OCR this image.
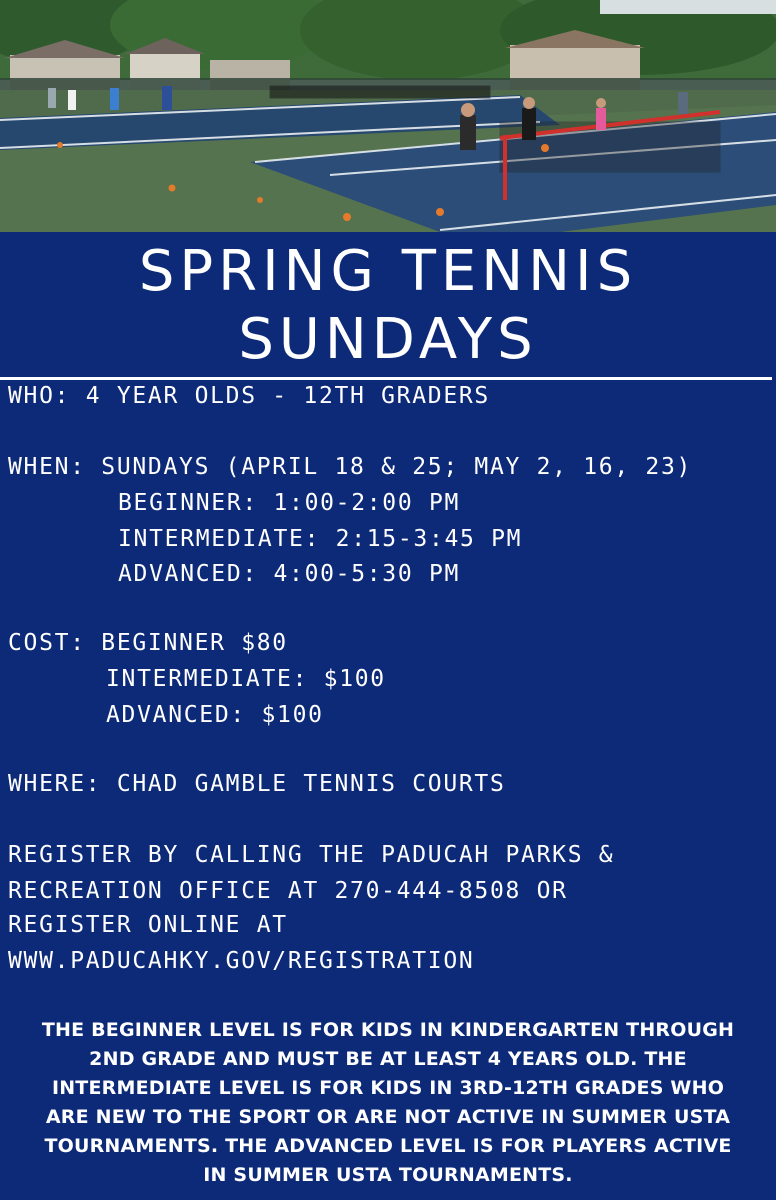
SPRING TENNIS
SUNDAYS
WHO: 4 YEAR OLDS - 12TH GRADERS
WHEN: SUNDAYS (APRIL 18 & 25; MAY 2, 16, 23)
BEGINNER: 1:00-2:00 PM
INTERMEDIATE: 2:15-3:45 PM
ADVANCED: 4:00-5:30 PM
COST: BEGINNER $80
INTERMEDIATE: $100
ADVANCED: $100
WHERE: CHAD GAMBLE TENNIS COURTS
REGISTER BY CALLING THE PADUCAH PARKS &
RECREATION OFFICE AT 270-444-8508 OR
REGISTER ONLINE AT
WWW.PADUCAHKY.GOV/REGISTRATION
THE BEGINNER LEVEL IS FOR KIDS IN KINDERGARTEN THROUGH
2ND GRADE AND MUST BE AT LEAST 4 YEARS OLD. THE
INTERMEDIATE LEVEL IS FOR KIDS IN 3RD-12TH GRADES WHO
ARE NEW TO THE SPORT OR ARE NOT ACTIVE IN SUMMER USTA
TOURNAMENTS. THE ADVANCED LEVEL IS FOR PLAYERS ACTIVE
IN SUMMER USTA TOURNAMENTS.
